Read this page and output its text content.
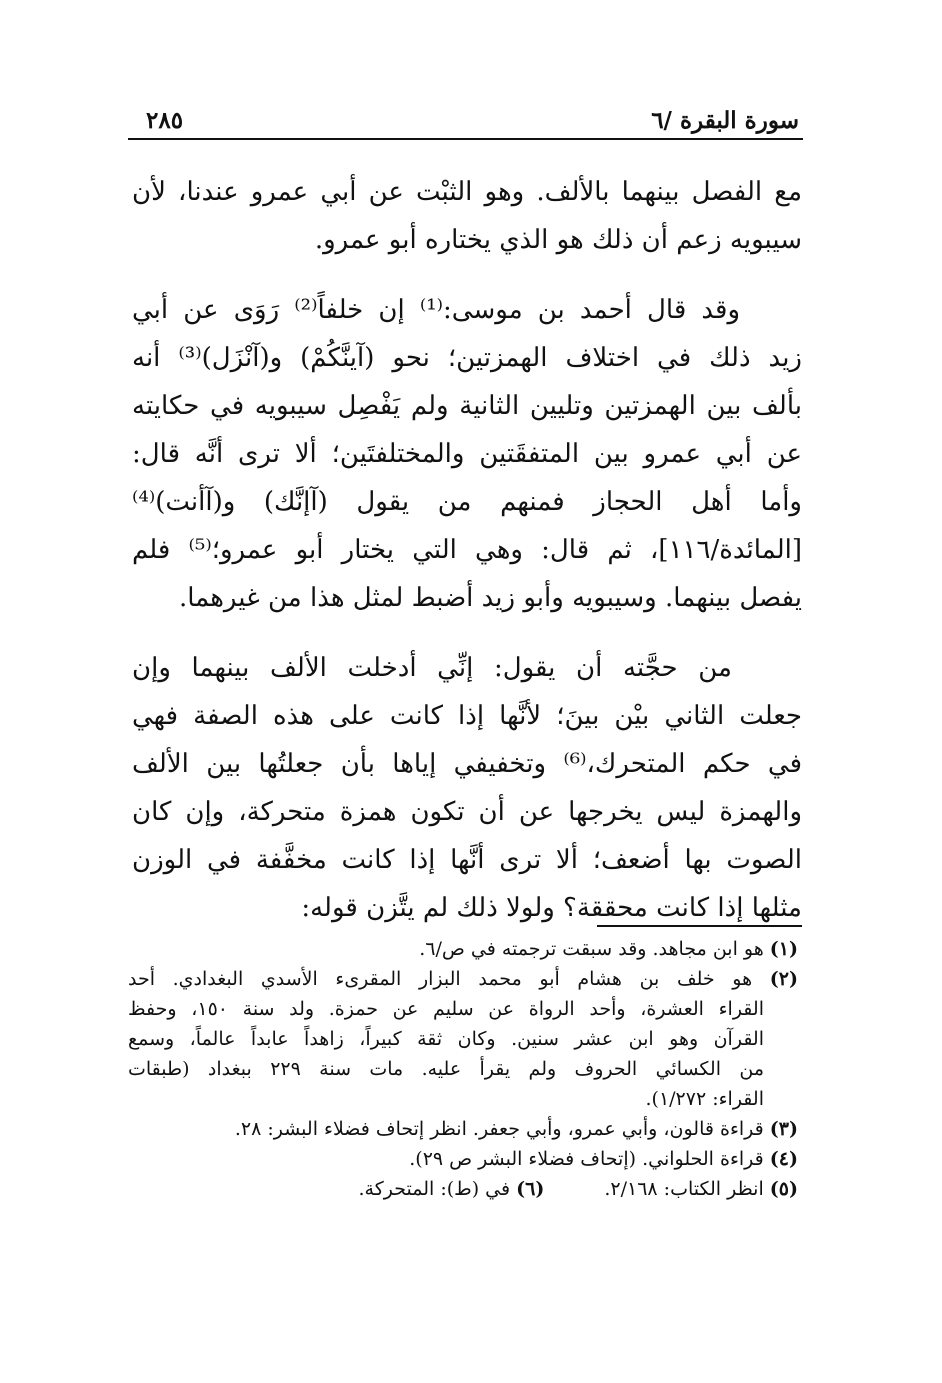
سورة البقرة /٦
٢٨٥
مع الفصل بينهما بالألف. وهو الثبْت عن أبي عمرو عندنا، لأن
سيبويه زعم أن ذلك هو الذي يختاره أبو عمرو.
وقد قال أحمد بن موسى:⁽¹⁾ إن خلفاً⁽²⁾ رَوَى عن أبي
زيد ذلك في اختلاف الهمزتين؛ نحو (آينَّكُمْ) و(آنْزَل)⁽³⁾ أنه
بألف بين الهمزتين وتليين الثانية ولم يَفْصِل سيبويه في حكايته
عن أبي عمرو بين المتفقَتين والمختلفتَين؛ ألا ترى أنَّه قال:
وأما أهل الحجاز فمنهم من يقول (آإنَّك) و(آأنت)⁽⁴⁾
[المائدة/١١٦]، ثم قال: وهي التي يختار أبو عمرو؛⁽⁵⁾ فلم
يفصل بينهما. وسيبويه وأبو زيد أضبط لمثل هذا من غيرهما.
من حجَّته أن يقول: إنِّي أدخلت الألف بينهما وإن
جعلت الثاني بيْن بينَ؛ لأنَّها إذا كانت على هذه الصفة فهي
في حكم المتحرك،⁽⁶⁾ وتخفيفي إياها بأن جعلتُها بين الألف
والهمزة ليس يخرجها عن أن تكون همزة متحركة، وإن كان
الصوت بها أضعف؛ ألا ترى أنَّها إذا كانت مخفَّفة في الوزن
مثلها إذا كانت محققة؟ ولولا ذلك لم يتَّزن قوله:
(١) هو ابن مجاهد. وقد سبقت ترجمته في ص/٦.
(٢) هو خلف بن هشام أبو محمد البزار المقرىء الأسدي البغدادي. أحد
القراء العشرة، وأحد الرواة عن سليم عن حمزة. ولد سنة ١٥٠، وحفظ
القرآن وهو ابن عشر سنين. وكان ثقة كبيراً، زاهداً عابداً عالماً، وسمع
من الكسائي الحروف ولم يقرأ عليه. مات سنة ٢٢٩ ببغداد (طبقات
القراء: ١/٢٧٢).
(٣) قراءة قالون، وأبي عمرو، وأبي جعفر. انظر إتحاف فضلاء البشر: ٢٨.
(٤) قراءة الحلواني. (إتحاف فضلاء البشر ص ٢٩).
(٥) انظر الكتاب: ٢/١٦٨.
(٦) في (ط): المتحركة.
